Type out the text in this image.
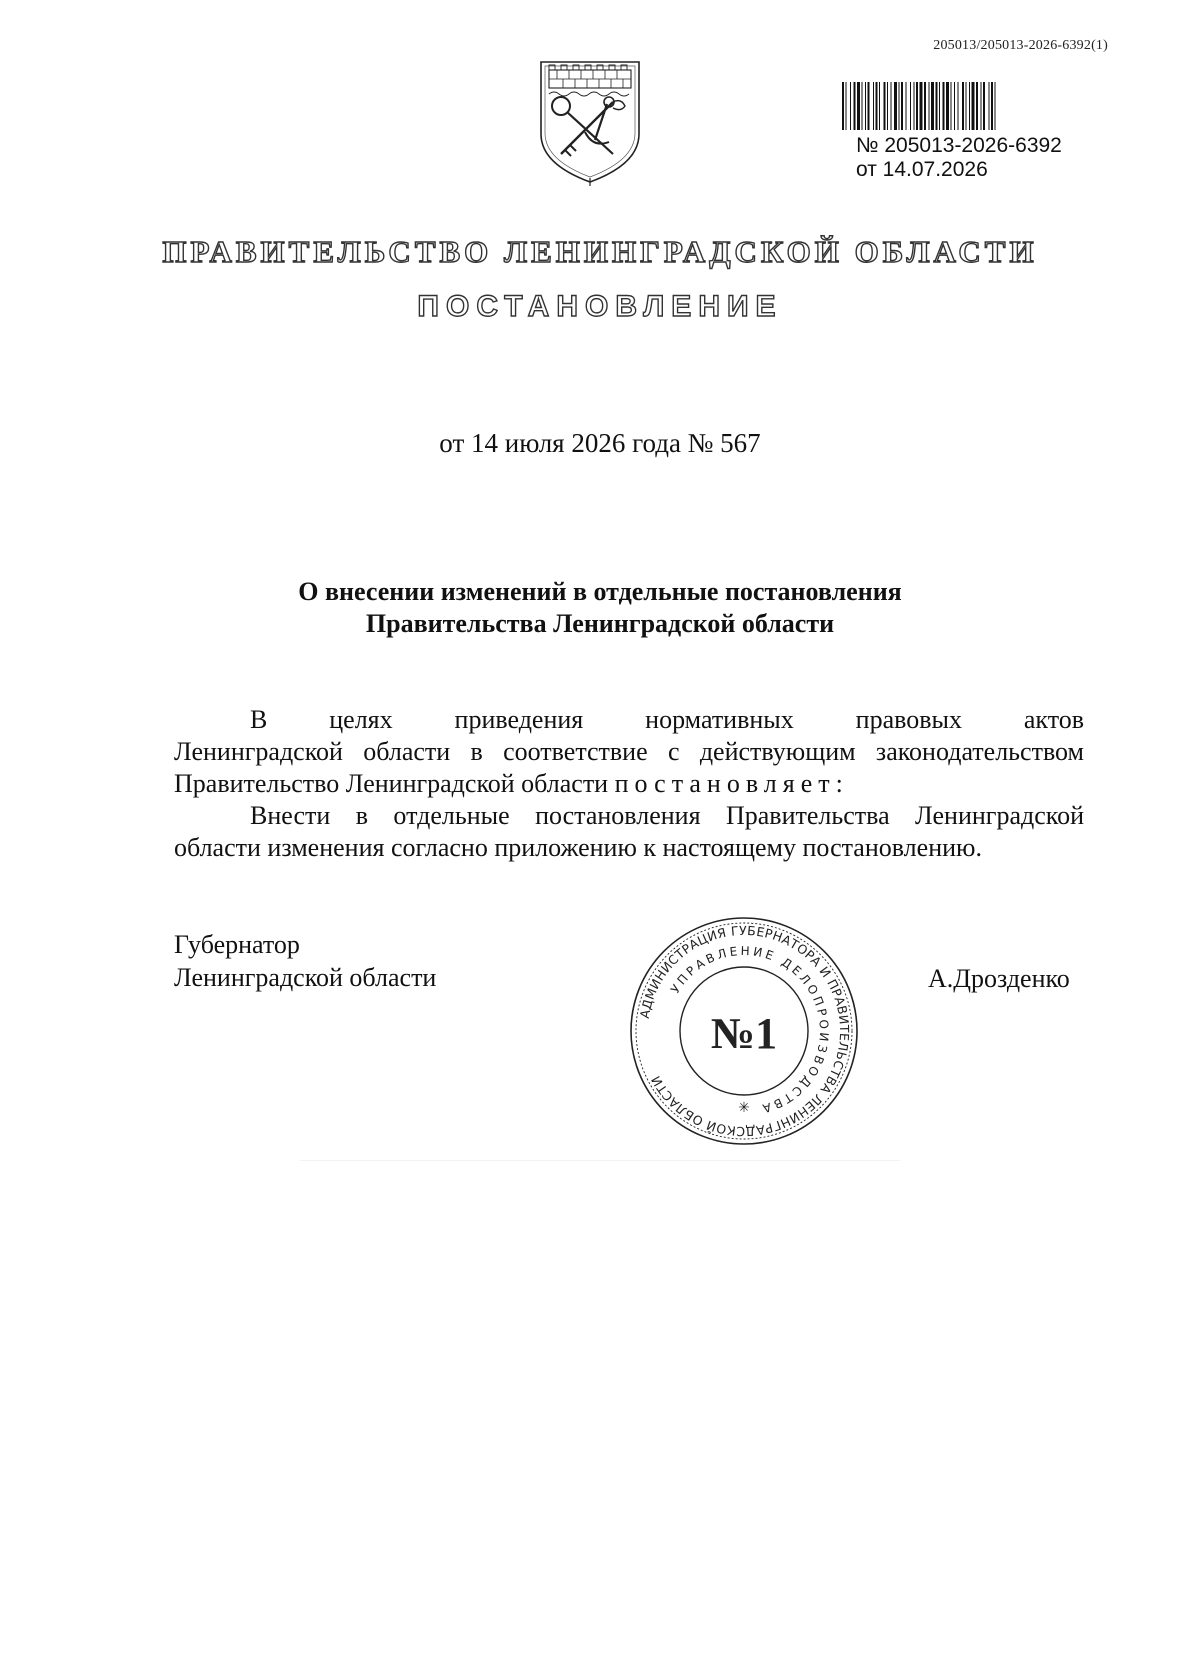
205013/205013-2026-6392(1)
№ 205013-2026-6392
от 14.07.2026
ПРАВИТЕЛЬСТВО ЛЕНИНГРАДСКОЙ ОБЛАСТИ
ПОСТАНОВЛЕНИЕ
от 14 июля 2026 года № 567
О внесении изменений в отдельные постановления
Правительства Ленинградской области
В целях приведения нормативных правовых актов
Ленинградской области в соответствие с действующим законодательством
Правительство Ленинградской области постановляет:
Внести в отдельные постановления Правительства Ленинградской
области изменения согласно приложению к настоящему постановлению.
Губернатор
Ленинградской области	А.Дрозденко
АДМИНИСТРАЦИЯ ГУБЕРНАТОРА И ПРАВИТЕЛЬСТВА ЛЕНИНГРАДСКОЙ ОБЛАСТИ
УПРАВЛЕНИЕ ДЕЛОПРОИЗВОДСТВА
№1
✳
